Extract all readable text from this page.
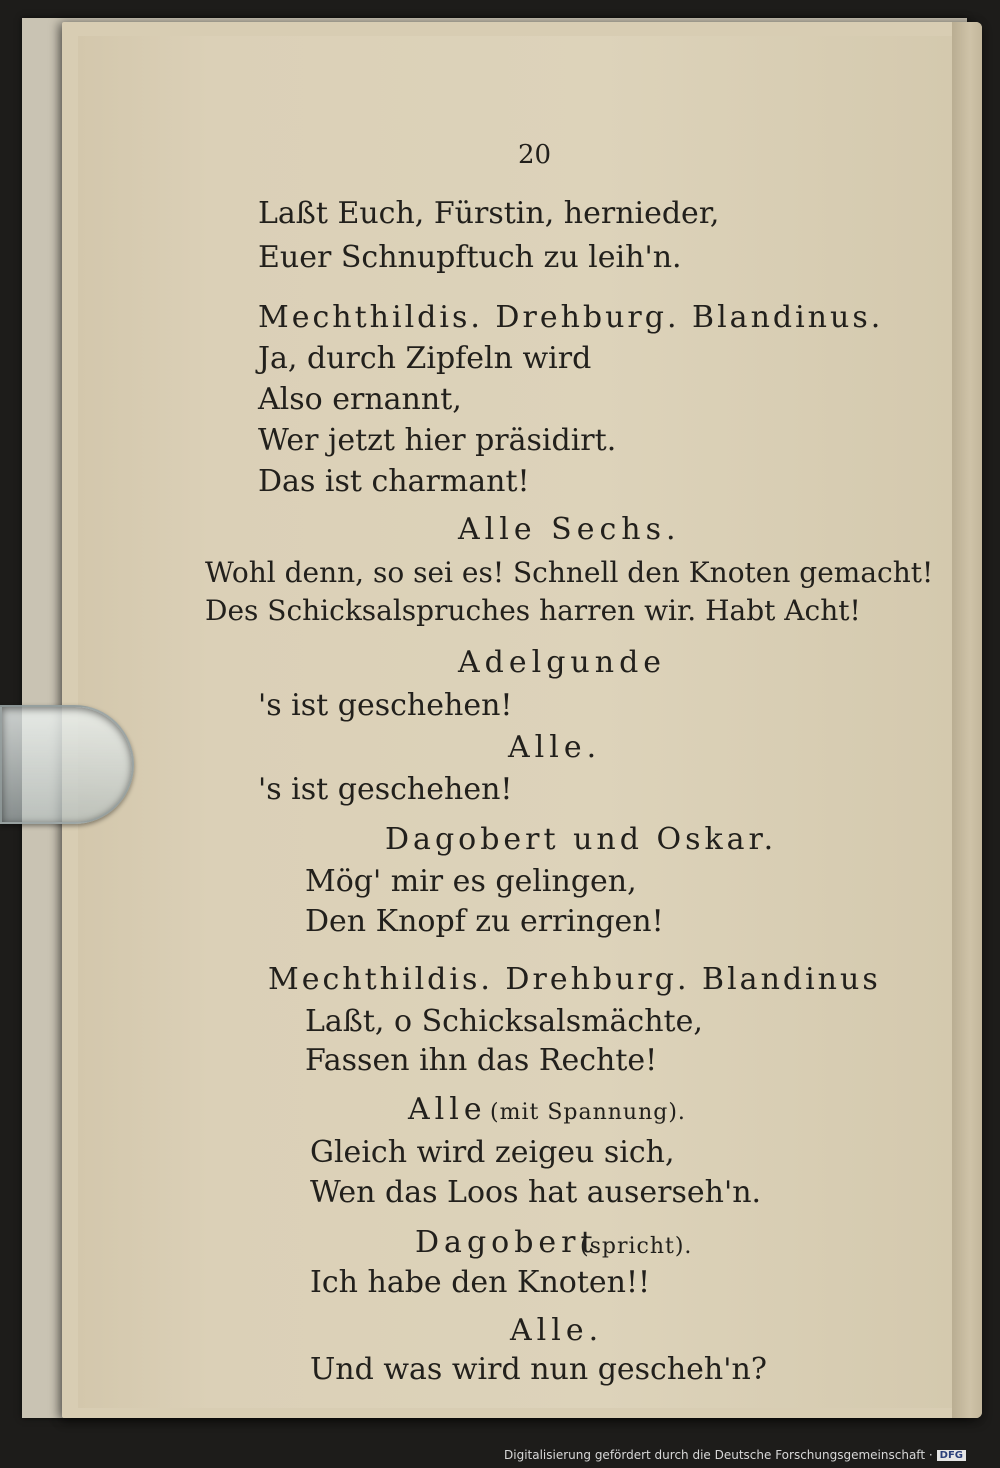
20
Laßt Euch, Fürstin, hernieder,
Euer Schnupftuch zu leih'n.
Mechthildis. Drehburg. Blandinus.
Ja, durch Zipfeln wird
Also ernannt,
Wer jetzt hier präsidirt.
Das ist charmant!
Alle Sechs.
Wohl denn, so sei es! Schnell den Knoten gemacht!
Des Schicksalspruches harren wir. Habt Acht!
Adelgunde
's ist geschehen!
Alle.
's ist geschehen!
Dagobert und Oskar.
Mög' mir es gelingen,
Den Knopf zu erringen!
Mechthildis. Drehburg. Blandinus
Laßt, o Schicksalsmächte,
Fassen ihn das Rechte!
Alle (mit Spannung).
Gleich wird zeigeu sich,
Wen das Loos hat auserseh'n.
Dagobert
(spricht).
Ich habe den Knoten!!
Alle.
Und was wird nun gescheh'n?
Digitalisierung gefördert durch die Deutsche Forschungsgemeinschaft · DFG
